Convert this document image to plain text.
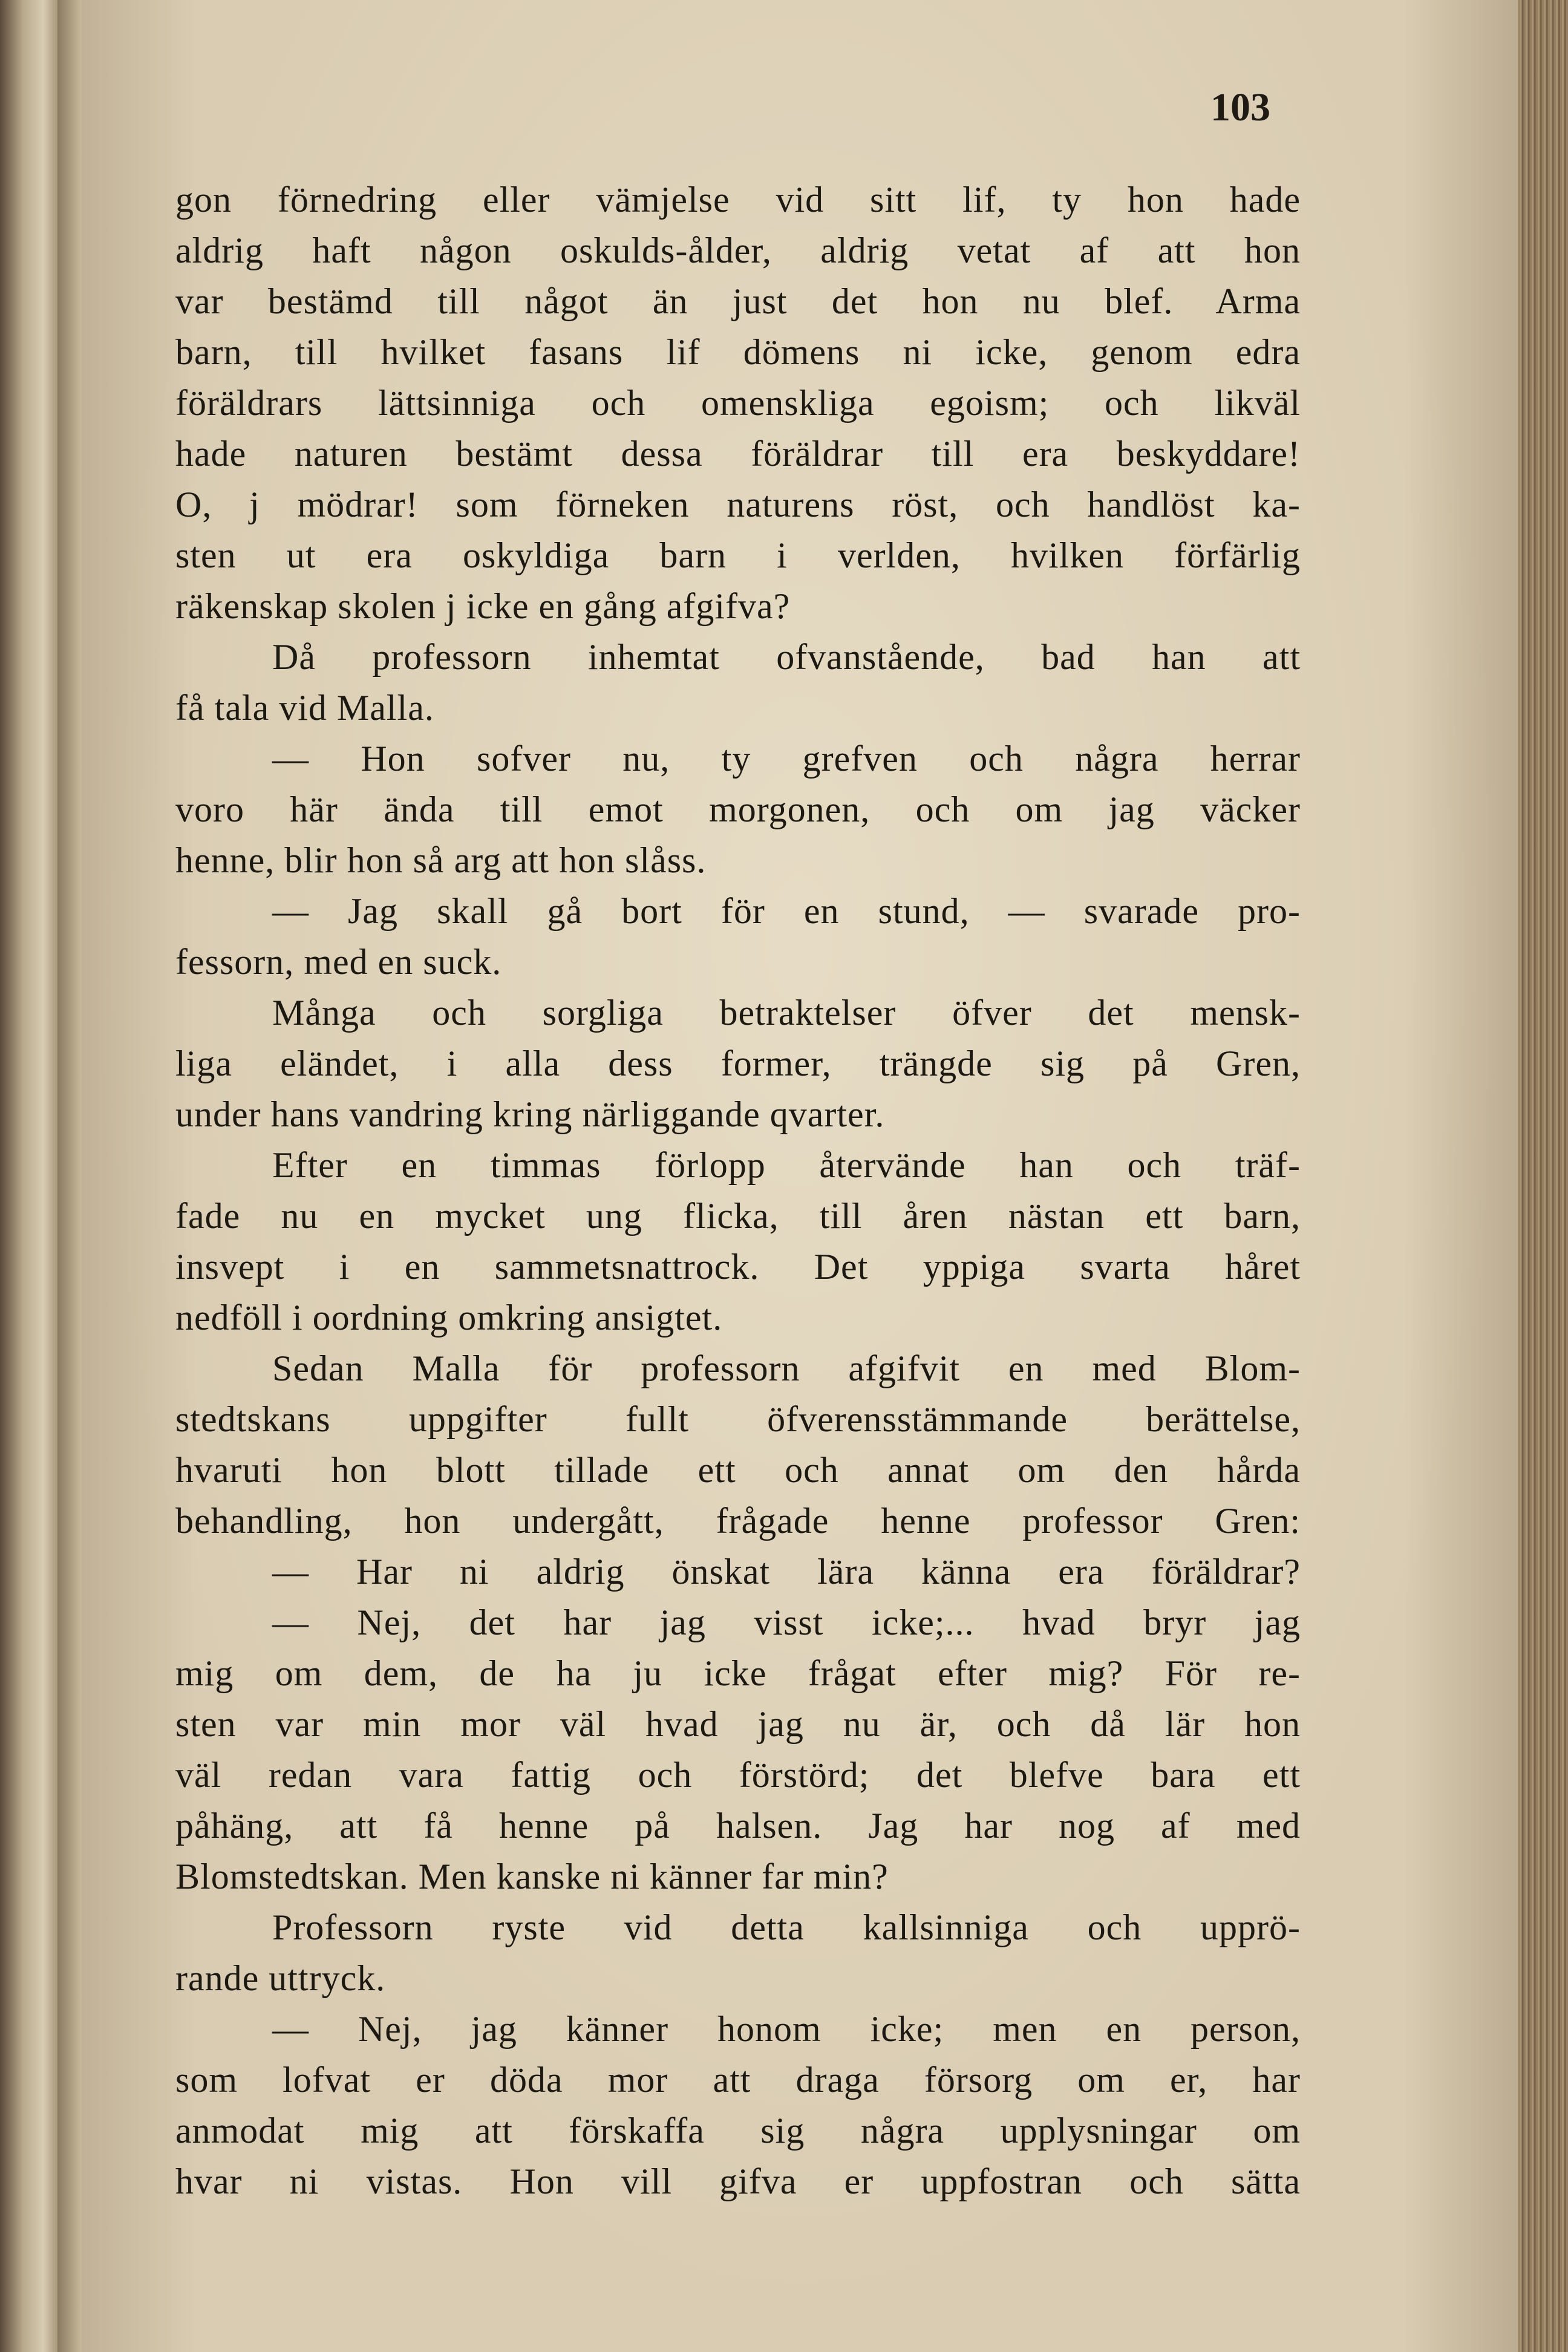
103
gon förnedring eller vämjelse vid sitt lif, ty hon hade
aldrig haft någon oskulds-ålder, aldrig vetat af att hon
var bestämd till något än just det hon nu blef. Arma
barn, till hvilket fasans lif dömens ni icke, genom edra
föräldrars lättsinniga och omenskliga egoism; och likväl
hade naturen bestämt dessa föräldrar till era beskyddare!
O, j mödrar! som förneken naturens röst, och handlöst ka-
sten ut era oskyldiga barn i verlden, hvilken förfärlig
räkenskap skolen j icke en gång afgifva?
Då professorn inhemtat ofvanstående, bad han att
få tala vid Malla.
— Hon sofver nu, ty grefven och några herrar
voro här ända till emot morgonen, och om jag väcker
henne, blir hon så arg att hon slåss.
— Jag skall gå bort för en stund, — svarade pro-
fessorn, med en suck.
Många och sorgliga betraktelser öfver det mensk-
liga eländet, i alla dess former, trängde sig på Gren,
under hans vandring kring närliggande qvarter.
Efter en timmas förlopp återvände han och träf-
fade nu en mycket ung flicka, till åren nästan ett barn,
insvept i en sammetsnattrock. Det yppiga svarta håret
nedföll i oordning omkring ansigtet.
Sedan Malla för professorn afgifvit en med Blom-
stedtskans uppgifter fullt öfverensstämmande berättelse,
hvaruti hon blott tillade ett och annat om den hårda
behandling, hon undergått, frågade henne professor Gren:
— Har ni aldrig önskat lära känna era föräldrar?
— Nej, det har jag visst icke;... hvad bryr jag
mig om dem, de ha ju icke frågat efter mig? För re-
sten var min mor väl hvad jag nu är, och då lär hon
väl redan vara fattig och förstörd; det blefve bara ett
påhäng, att få henne på halsen. Jag har nog af med
Blomstedtskan. Men kanske ni känner far min?
Professorn ryste vid detta kallsinniga och upprö-
rande uttryck.
— Nej, jag känner honom icke; men en person,
som lofvat er döda mor att draga försorg om er, har
anmodat mig att förskaffa sig några upplysningar om
hvar ni vistas. Hon vill gifva er uppfostran och sätta
